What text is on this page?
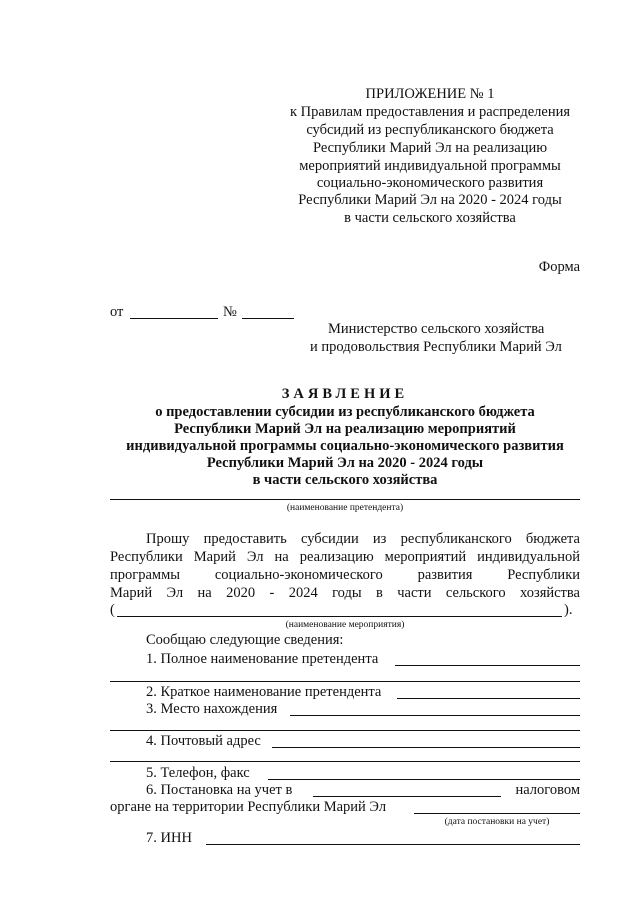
ПРИЛОЖЕНИЕ № 1
к Правилам предоставления и распределения
субсидий из республиканского бюджета
Республики Марий Эл на реализацию
мероприятий индивидуальной программы
социально-экономического развития
Республики Марий Эл на 2020 - 2024 годы
в части сельского хозяйства
Форма
от	№
Министерство сельского хозяйства
и продовольствия Республики Марий Эл
ЗАЯВЛЕНИЕ
о предоставлении субсидии из республиканского бюджета
Республики Марий Эл на реализацию мероприятий
индивидуальной программы социально-экономического развития
Республики Марий Эл на 2020 - 2024 годы
в части сельского хозяйства
(наименование претендента)
Прошу предоставить субсидии из республиканского бюджета
Республики Марий Эл на реализацию мероприятий индивидуальной
программы социально-экономического развития Республики
Марий Эл на 2020 - 2024 годы в части сельского хозяйства
(	).
(наименование мероприятия)
Сообщаю следующие сведения:
1. Полное наименование претендента
2. Краткое наименование претендента
3. Место нахождения
4. Почтовый адрес
5. Телефон, факс
6. Постановка на учет в	налоговом
органе на территории Республики Марий Эл
(дата постановки на учет)
7. ИНН
